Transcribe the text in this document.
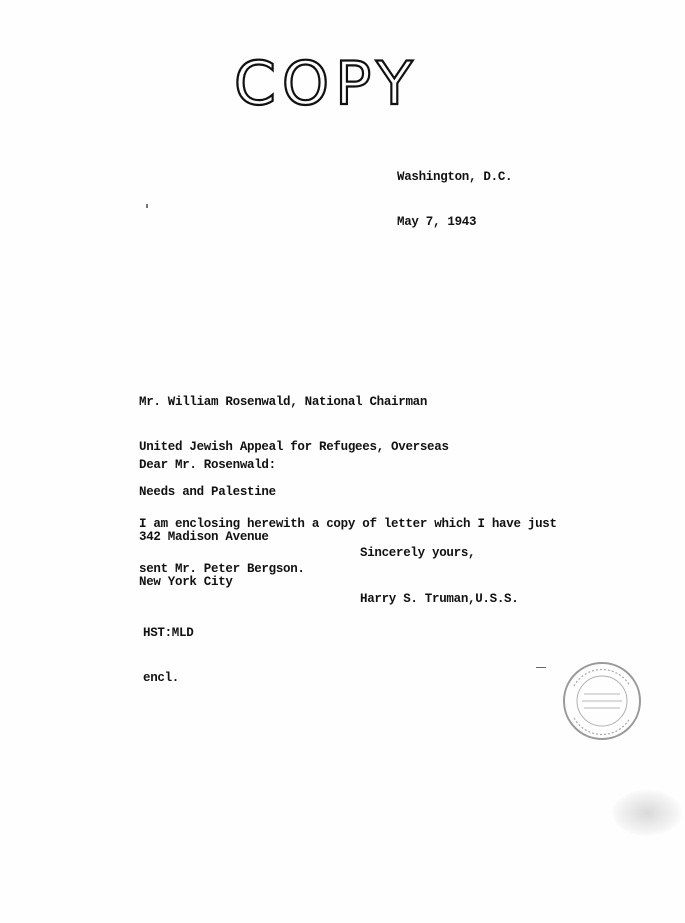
COPY

Washington, D.C.

May 7, 1943

Mr. William Rosenwald, National Chairman

United Jewish Appeal for Refugees, Overseas

Needs and Palestine

342 Madison Avenue

New York City

Dear Mr. Rosenwald:

I am enclosing herewith a copy of letter which I have just

sent Mr. Peter Bergson.

Sincerely yours,
Harry S. Truman,U.S.S.

HST:MLD

encl.
